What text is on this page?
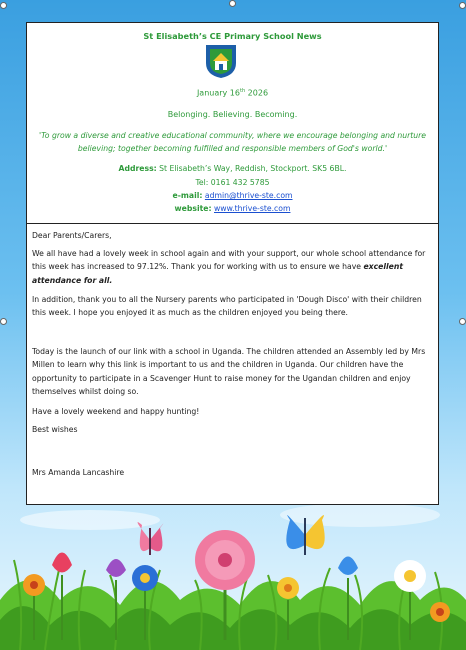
St Elisabeth’s CE Primary School News
January 16th 2026
Belonging. Believing. Becoming.
'To grow a diverse and creative educational community, where we encourage belonging and nurture believing; together becoming fulfilled and responsible members of God's world.'
Address: St Elisabeth’s Way, Reddish, Stockport. SK5 6BL.
Tel: 0161 432 5785
e-mail: admin@thrive-ste.com
website: www.thrive-ste.com
Dear Parents/Carers,
We all have had a lovely week in school again and with your support, our whole school attendance for this week has increased to 97.12%. Thank you for working with us to ensure we have excellent attendance for all.
In addition, thank you to all the Nursery parents who participated in 'Dough Disco' with their children this week. I hope you enjoyed it as much as the children enjoyed you being there.
Today is the launch of our link with a school in Uganda. The children attended an Assembly led by Mrs Millen to learn why this link is important to us and the children in Uganda. Our children have the opportunity to participate in a Scavenger Hunt to raise money for the Ugandan children and enjoy themselves whilst doing so.
Have a lovely weekend and happy hunting!
Best wishes
Mrs Amanda Lancashire
